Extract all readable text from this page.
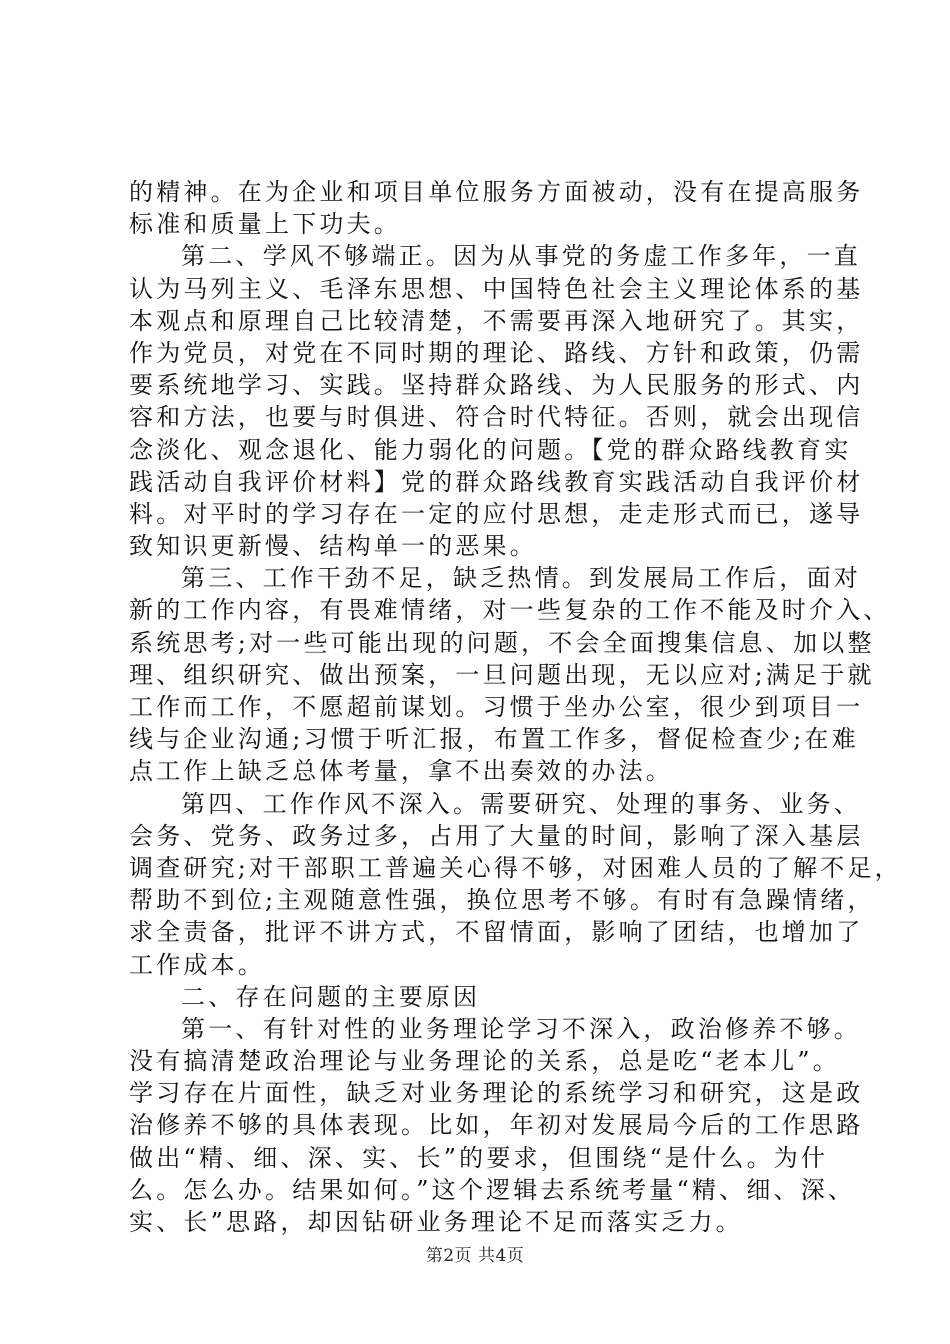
的精神。在为企业和项目单位服务方面被动，没有在提高服务
标准和质量上下功夫。
第二、学风不够端正。因为从事党的务虚工作多年，一直
认为马列主义、毛泽东思想、中国特色社会主义理论体系的基
本观点和原理自己比较清楚，不需要再深入地研究了。其实，
作为党员，对党在不同时期的理论、路线、方针和政策，仍需
要系统地学习、实践。坚持群众路线、为人民服务的形式、内
容和方法，也要与时俱进、符合时代特征。否则，就会出现信
念淡化、观念退化、能力弱化的问题。【党的群众路线教育实
践活动自我评价材料】党的群众路线教育实践活动自我评价材
料。对平时的学习存在一定的应付思想，走走形式而已，遂导
致知识更新慢、结构单一的恶果。
第三、工作干劲不足，缺乏热情。到发展局工作后，面对
新的工作内容，有畏难情绪，对一些复杂的工作不能及时介入、
系统思考;对一些可能出现的问题，不会全面搜集信息、加以整
理、组织研究、做出预案，一旦问题出现，无以应对;满足于就
工作而工作，不愿超前谋划。习惯于坐办公室，很少到项目一
线与企业沟通;习惯于听汇报，布置工作多，督促检查少;在难
点工作上缺乏总体考量，拿不出奏效的办法。
第四、工作作风不深入。需要研究、处理的事务、业务、
会务、党务、政务过多，占用了大量的时间，影响了深入基层
调查研究;对干部职工普遍关心得不够，对困难人员的了解不足，
帮助不到位;主观随意性强，换位思考不够。有时有急躁情绪，
求全责备，批评不讲方式，不留情面，影响了团结，也增加了
工作成本。
二、存在问题的主要原因
第一、有针对性的业务理论学习不深入，政治修养不够。
没有搞清楚政治理论与业务理论的关系，总是吃“老本儿”。
学习存在片面性，缺乏对业务理论的系统学习和研究，这是政
治修养不够的具体表现。比如，年初对发展局今后的工作思路
做出“精、细、深、实、长”的要求，但围绕“是什么。为什
么。怎么办。结果如何。”这个逻辑去系统考量“精、细、深、
实、长”思路，却因钻研业务理论不足而落实乏力。
第2页 共4页
